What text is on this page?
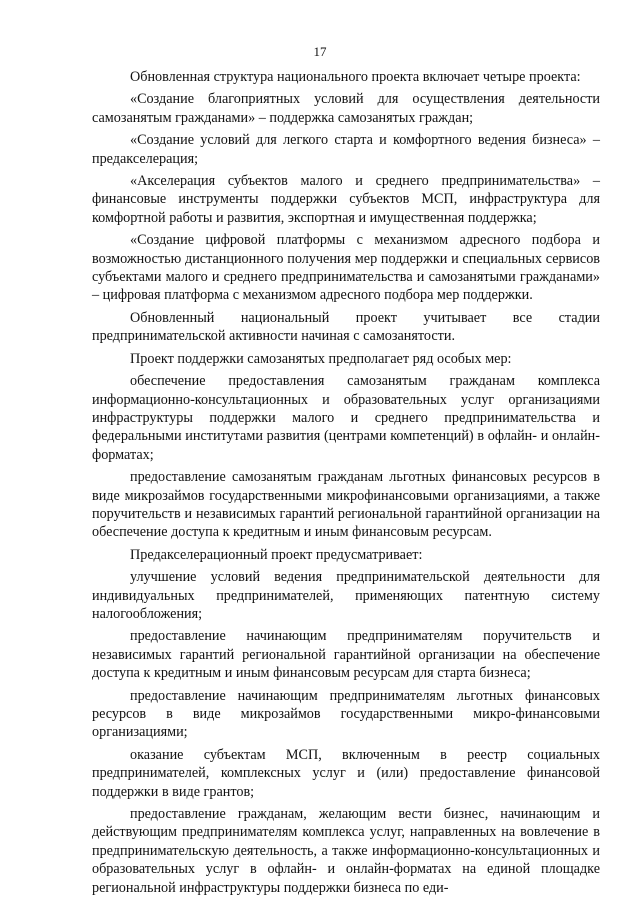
17

Обновленная структура национального проекта включает четыре проекта:

«Создание благоприятных условий для осуществления деятельности самозанятым гражданами» – поддержка самозанятых граждан;

«Создание условий для легкого старта и комфортного ведения бизнеса» – предакселерация;

«Акселерация субъектов малого и среднего предпринимательства» – финансовые инструменты поддержки субъектов МСП, инфраструктура для комфортной работы и развития, экспортная и имущественная поддержка;

«Создание цифровой платформы с механизмом адресного подбора и возможностью дистанционного получения мер поддержки и специальных сервисов субъектами малого и среднего предпринимательства и самозанятыми гражданами» – цифровая платформа с механизмом адресного подбора мер поддержки.

Обновленный национальный проект учитывает все стадии предпринимательской активности начиная с самозанятости.

Проект поддержки самозанятых предполагает ряд особых мер:

обеспечение предоставления самозанятым гражданам комплекса информационно-консультационных и образовательных услуг организациями инфраструктуры поддержки малого и среднего предпринимательства и федеральными институтами развития (центрами компетенций) в офлайн- и онлайн-форматах;

предоставление самозанятым гражданам льготных финансовых ресурсов в виде микрозаймов государственными микрофинансовыми организациями, а также поручительств и независимых гарантий региональной гарантийной организации на обеспечение доступа к кредитным и иным финансовым ресурсам.

Предакселерационный проект предусматривает:

улучшение условий ведения предпринимательской деятельности для индивидуальных предпринимателей, применяющих патентную систему налогообложения;

предоставление начинающим предпринимателям поручительств и независимых гарантий региональной гарантийной организации на обеспечение доступа к кредитным и иным финансовым ресурсам для старта бизнеса;

предоставление начинающим предпринимателям льготных финансовых ресурсов в виде микрозаймов государственными микро-финансовыми организациями;

оказание субъектам МСП, включенным в реестр социальных предпринимателей, комплексных услуг и (или) предоставление финансовой поддержки в виде грантов;

предоставление гражданам, желающим вести бизнес, начинающим и действующим предпринимателям комплекса услуг, направленных на вовлечение в предпринимательскую деятельность, а также информационно-консультационных и образовательных услуг в офлайн- и онлайн-форматах на единой площадке региональной инфраструктуры поддержки бизнеса по еди-
